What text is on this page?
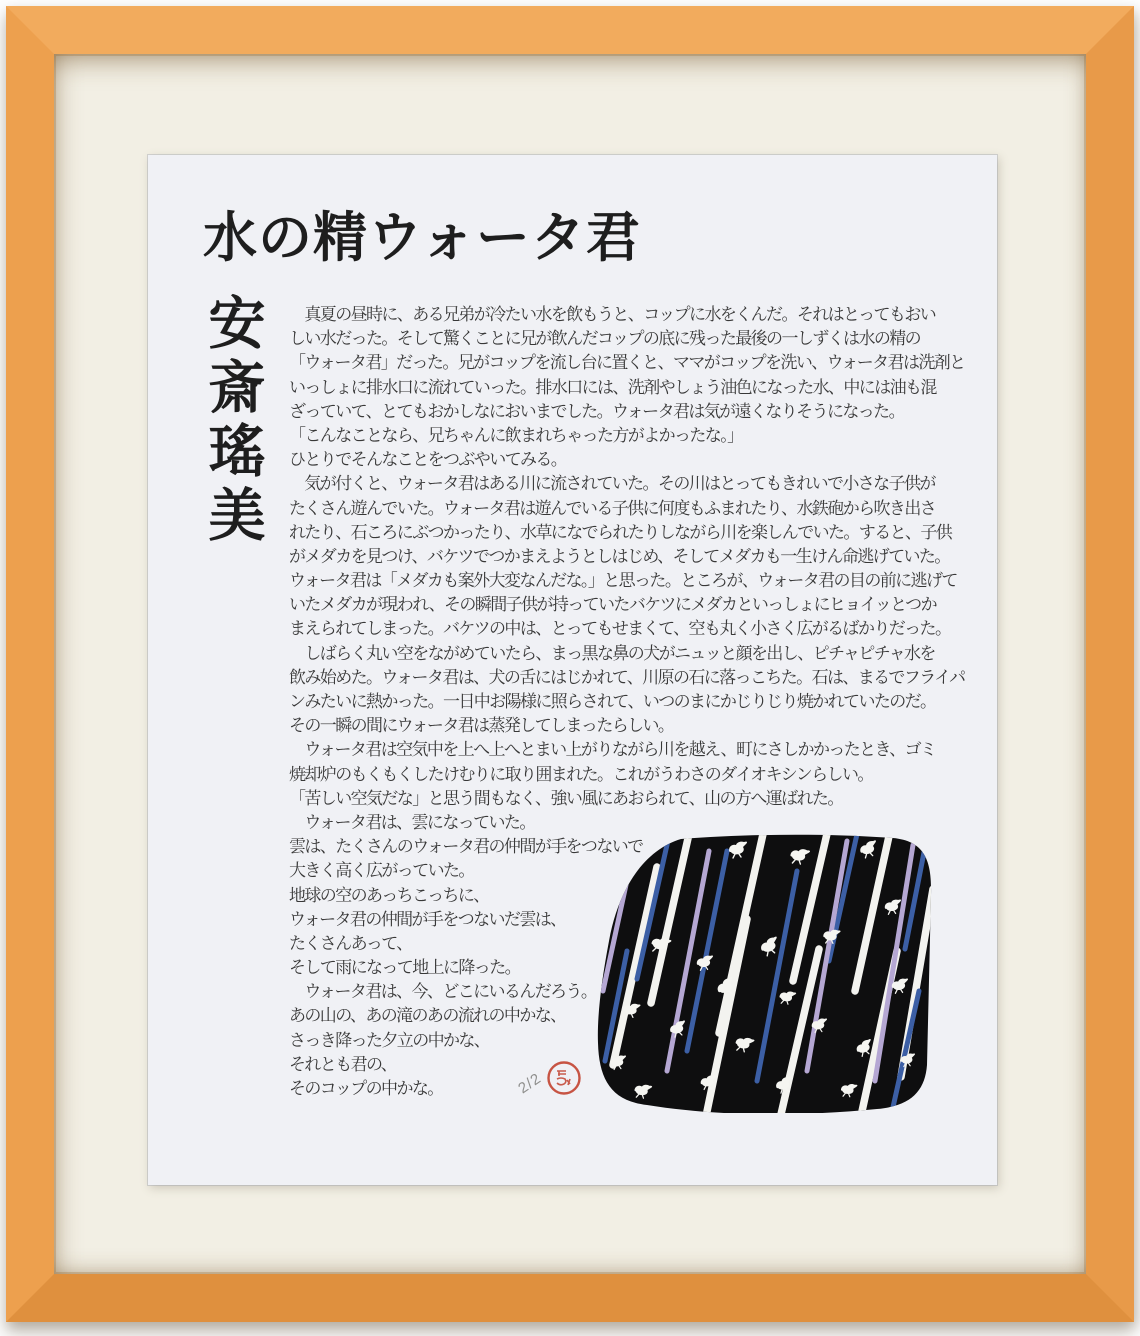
水の精ウォータ君
安斎瑤美	　真夏の昼時に、ある兄弟が冷たい水を飲もうと、コップに水をくんだ。それはとってもおい
しい水だった。そして驚くことに兄が飲んだコップの底に残った最後の一しずくは水の精の
「ウォータ君」だった。兄がコップを流し台に置くと、ママがコップを洗い、ウォータ君は洗剤と
いっしょに排水口に流れていった。排水口には、洗剤やしょう油色になった水、中には油も混
ざっていて、とてもおかしなにおいまでした。ウォータ君は気が遠くなりそうになった。
「こんなことなら、兄ちゃんに飲まれちゃった方がよかったな。」
ひとりでそんなことをつぶやいてみる。
　気が付くと、ウォータ君はある川に流されていた。その川はとってもきれいで小さな子供が
たくさん遊んでいた。ウォータ君は遊んでいる子供に何度もふまれたり、水鉄砲から吹き出さ
れたり、石ころにぶつかったり、水草になでられたりしながら川を楽しんでいた。すると、子供
がメダカを見つけ、バケツでつかまえようとしはじめ、そしてメダカも一生けん命逃げていた。
ウォータ君は「メダカも案外大変なんだな。」と思った。ところが、ウォータ君の目の前に逃げて
いたメダカが現われ、その瞬間子供が持っていたバケツにメダカといっしょにヒョイッとつか
まえられてしまった。バケツの中は、とってもせまくて、空も丸く小さく広がるばかりだった。
　しばらく丸い空をながめていたら、まっ黒な鼻の犬がニュッと顔を出し、ピチャピチャ水を
飲み始めた。ウォータ君は、犬の舌にはじかれて、川原の石に落っこちた。石は、まるでフライパ
ンみたいに熱かった。一日中お陽様に照らされて、いつのまにかじりじり焼かれていたのだ。
その一瞬の間にウォータ君は蒸発してしまったらしい。
　ウォータ君は空気中を上へ上へとまい上がりながら川を越え、町にさしかかったとき、ゴミ
焼却炉のもくもくしたけむりに取り囲まれた。これがうわさのダイオキシンらしい。
「苦しい空気だな」と思う間もなく、強い風にあおられて、山の方へ運ばれた。
　ウォータ君は、雲になっていた。
雲は、たくさんのウォータ君の仲間が手をつないで
大きく高く広がっていた。
地球の空のあっちこっちに、
ウォータ君の仲間が手をつないだ雲は、
たくさんあって、
そして雨になって地上に降った。
　ウォータ君は、今、どこにいるんだろう。
あの山の、あの滝のあの流れの中かな、
さっき降った夕立の中かな、
それとも君の、
そのコップの中かな。	2/2
